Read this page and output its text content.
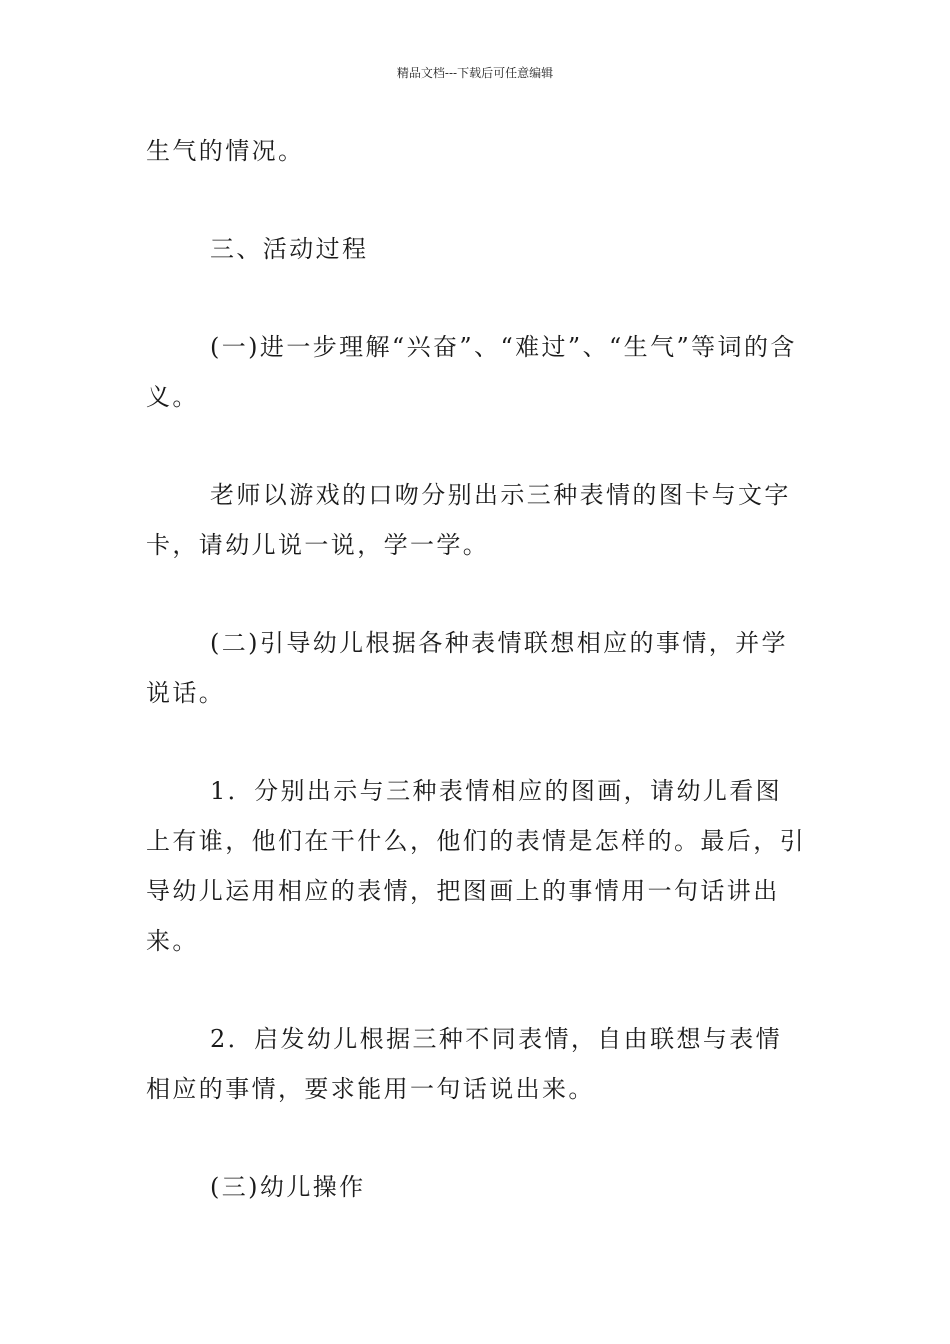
精品文档---下载后可任意编辑

生气的情况。

三、活动过程

(一)进一步理解“兴奋”、“难过”、“生气”等词的含义。

老师以游戏的口吻分别出示三种表情的图卡与文字卡，请幼儿说一说，学一学。

(二)引导幼儿根据各种表情联想相应的事情，并学说话。

1．分别出示与三种表情相应的图画，请幼儿看图上有谁，他们在干什么，他们的表情是怎样的。最后，引导幼儿运用相应的表情，把图画上的事情用一句话讲出来。

2．启发幼儿根据三种不同表情，自由联想与表情相应的事情，要求能用一句话说出来。

(三)幼儿操作
